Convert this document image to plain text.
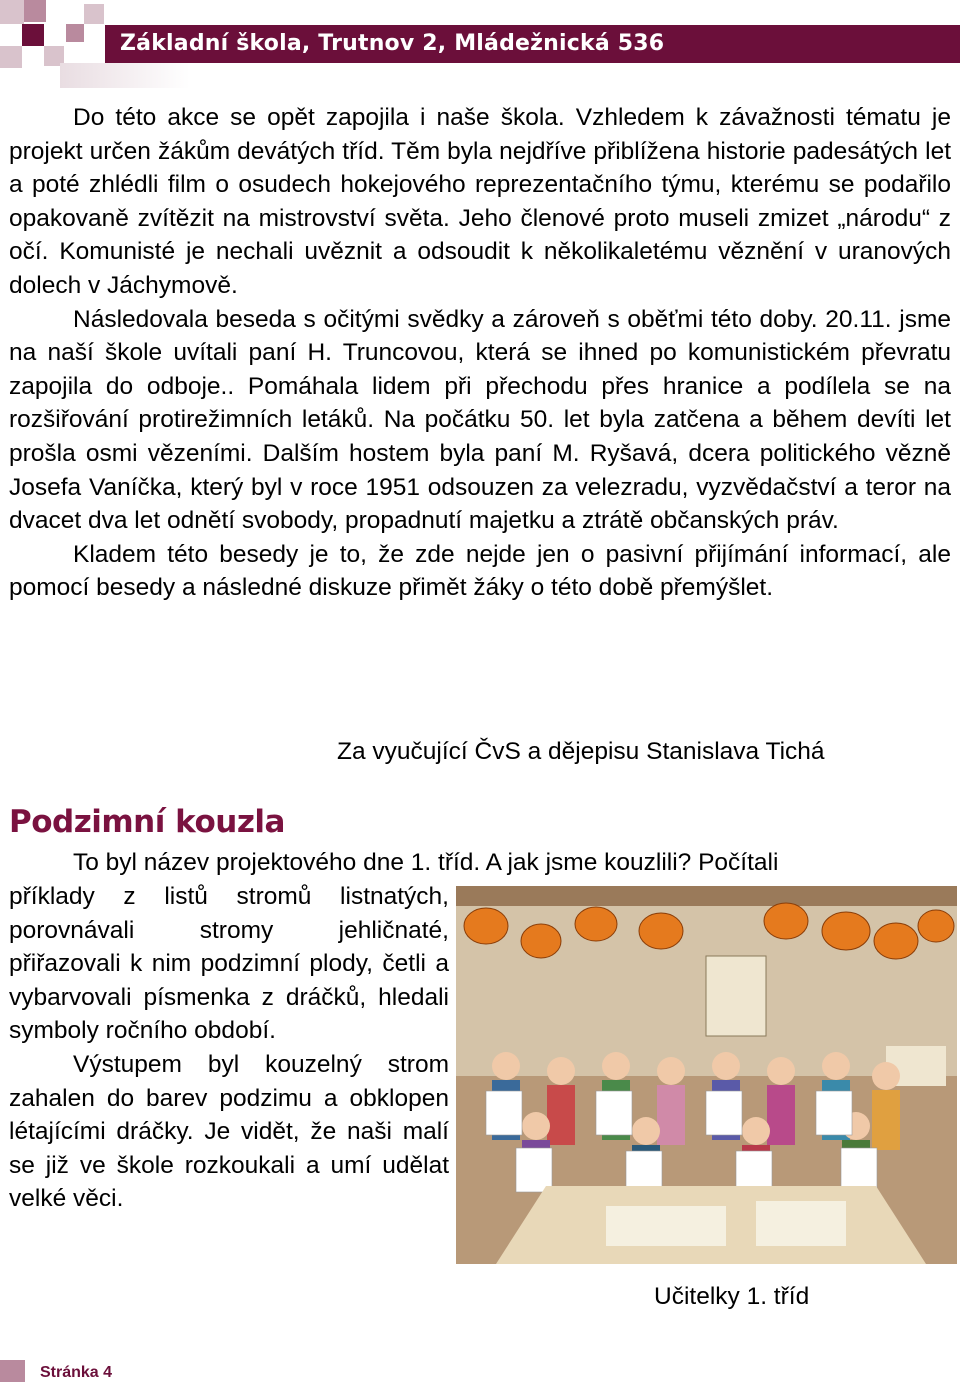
Základní škola, Trutnov 2, Mládežnická 536

Do této akce se opět zapojila i naše škola. Vzhledem k závažnosti tématu je projekt určen žákům devátých tříd. Těm byla nejdříve přiblížena historie padesátých let a poté zhlédli film o osudech hokejového reprezentačního týmu, kterému se podařilo opakovaně zvítězit na mistrovství světa. Jeho členové proto museli zmizet „národu“ z očí. Komunisté je nechali uvěznit a odsoudit k několikaletému věznění v uranových dolech v Jáchymově.

Následovala beseda s očitými svědky a zároveň s oběťmi této doby. 20.11. jsme na naší škole uvítali paní H. Truncovou, která se ihned po komunistickém převratu zapojila do odboje.. Pomáhala lidem při přechodu přes hranice a podílela se na rozšiřování protirežimních letáků. Na počátku 50. let byla zatčena a během devíti let prošla osmi vězeními. Dalším hostem byla paní M. Ryšavá, dcera politického vězně Josefa Vaníčka, který byl v roce 1951 odsouzen za velezradu, vyzvědačství a teror na dvacet dva let odnětí svobody, propadnutí majetku a ztrátě občanských práv.

Kladem této besedy je to, že zde nejde jen o pasivní přijímání informací, ale pomocí besedy a následné diskuze přimět žáky o této době přemýšlet.

Za vyučující ČvS a dějepisu Stanislava Tichá
Podzimní kouzla
To byl název projektového dne 1. tříd. A jak jsme kouzlili? Počítali

příklady z listů stromů listnatých, porovnávali stromy jehličnaté, přiřazovali k nim podzimní plody, četli a vybarvovali písmenka z dráčků, hledali symboly ročního období.

Výstupem byl kouzelný strom zahalen do barev podzimu a obklopen létajícími dráčky. Je vidět, že naši malí se již ve škole rozkoukali a umí udělat velké věci.

Učitelky 1. tříd
Stránka 4
